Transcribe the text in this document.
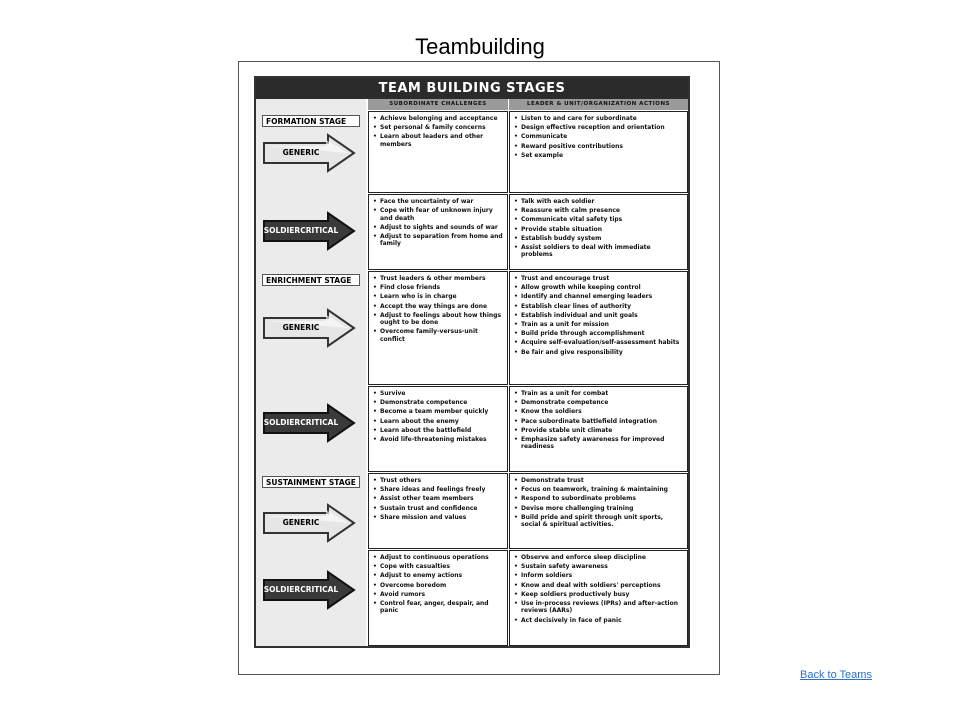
Teambuilding
TEAM BUILDING STAGES
SUBORDINATE CHALLENGES	LEADER & UNIT/ORGANIZATION ACTIONS
FORMATION STAGE
ENRICHMENT STAGE
SUSTAINMENT STAGE
GENERIC
SOLDIER CRITICAL
GENERIC
SOLDIER CRITICAL
GENERIC
SOLDIER CRITICAL
• Achieve belonging and acceptance
• Set personal & family concerns
• Learn about leaders and other members
• Listen to and care for subordinate
• Design effective reception and orientation
• Communicate
• Reward positive contributions
• Set example
• Face the uncertainty of war
• Cope with fear of unknown injury and death
• Adjust to sights and sounds of war
• Adjust to separation from home and family
• Talk with each soldier
• Reassure with calm presence
• Communicate vital safety tips
• Provide stable situation
• Establish buddy system
• Assist soldiers to deal with immediate problems
• Trust leaders & other members
• Find close friends
• Learn who is in charge
• Accept the way things are done
• Adjust to feelings about how things ought to be done
• Overcome family-versus-unit conflict
• Trust and encourage trust
• Allow growth while keeping control
• Identify and channel emerging leaders
• Establish clear lines of authority
• Establish individual and unit goals
• Train as a unit for mission
• Build pride through accomplishment
• Acquire self-evaluation/self-assessment habits
• Be fair and give responsibility
• Survive
• Demonstrate competence
• Become a team member quickly
• Learn about the enemy
• Learn about the battlefield
• Avoid life-threatening mistakes
• Train as a unit for combat
• Demonstrate competence
• Know the soldiers
• Pace subordinate battlefield integration
• Provide stable unit climate
• Emphasize safety awareness for improved readiness
• Trust others
• Share ideas and feelings freely
• Assist other team members
• Sustain trust and confidence
• Share mission and values
• Demonstrate trust
• Focus on teamwork, training & maintaining
• Respond to subordinate problems
• Devise more challenging training
• Build pride and spirit through unit sports, social & spiritual activities.
• Adjust to continuous operations
• Cope with casualties
• Adjust to enemy actions
• Overcome boredom
• Avoid rumors
• Control fear, anger, despair, and panic
• Observe and enforce sleep discipline
• Sustain safety awareness
• Inform soldiers
• Know and deal with soldiers' perceptions
• Keep soldiers productively busy
• Use in-process reviews (IPRs) and after-action reviews (AARs)
• Act decisively in face of panic
Back to Teams
